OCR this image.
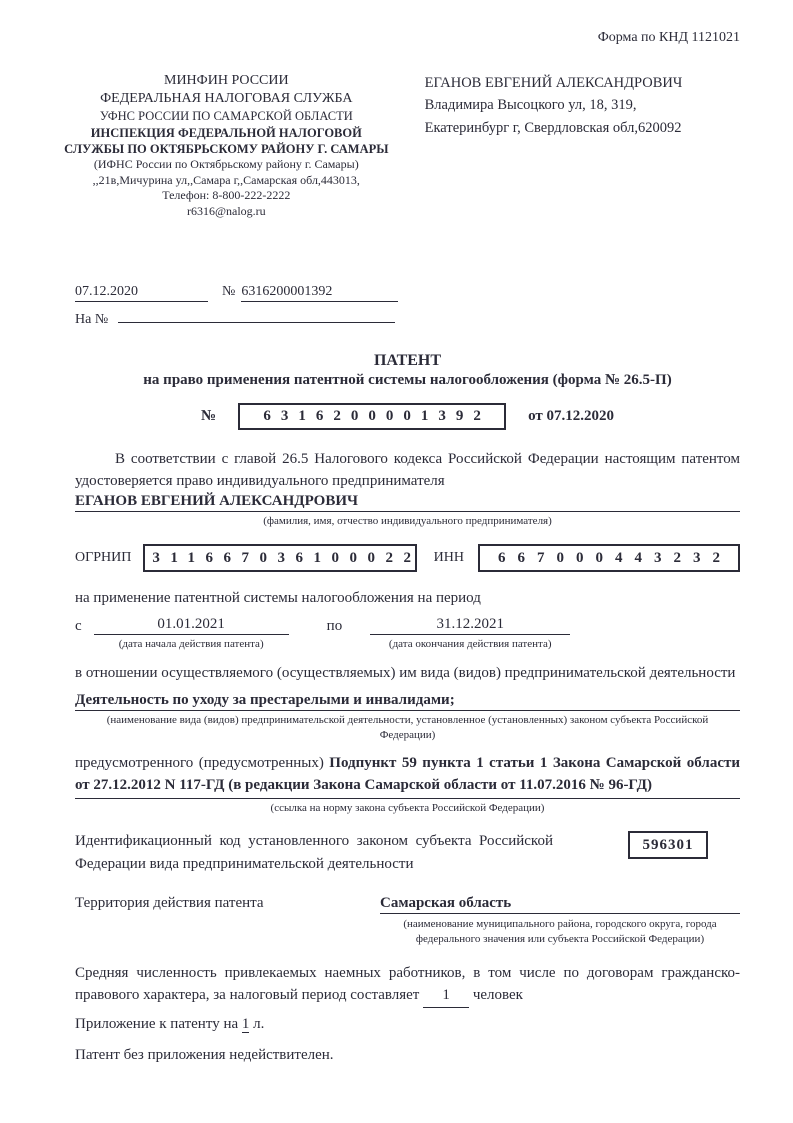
Форма по КНД 1121021
МИНФИН РОССИИ
ФЕДЕРАЛЬНАЯ НАЛОГОВАЯ СЛУЖБА
УФНС РОССИИ ПО САМАРСКОЙ ОБЛАСТИ
ИНСПЕКЦИЯ ФЕДЕРАЛЬНОЙ НАЛОГОВОЙ
СЛУЖБЫ ПО ОКТЯБРЬСКОМУ РАЙОНУ Г. САМАРЫ
(ИФНС России по Октябрьскому району г. Самары)
,,21в,Мичурина ул,,Самара г,,Самарская обл,443013,
Телефон: 8-800-222-2222
r6316@nalog.ru
ЕГАНОВ ЕВГЕНИЙ АЛЕКСАНДРОВИЧ
Владимира Высоцкого ул, 18, 319,
Екатеринбург г, Свердловская обл,620092
07.12.2020	№ 6316200001392
На №
ПАТЕНТ
на право применения патентной системы налогообложения (форма № 26.5-П)
№	6316200001392	от 07.12.2020

В соответствии с главой 26.5 Налогового кодекса Российской Федерации настоящим патентом удостоверяется право индивидуального предпринимателя

ЕГАНОВ ЕВГЕНИЙ АЛЕКСАНДРОВИЧ
(фамилия, имя, отчество индивидуального предпринимателя)
ОГРНИП	311667036100022 ИНН	667000443232

на применение патентной системы налогообложения на период

с	01.01.2021
(дата начала действия патента)
по	31.12.2021
(дата окончания действия патента)

в отношении осуществляемого (осуществляемых) им вида (видов) предпринимательской деятельности

Деятельность по уходу за престарелыми и инвалидами;
(наименование вида (видов) предпринимательской деятельности, установленное (установленных) законом субъекта Российской Федерации)

предусмотренного (предусмотренных) Подпункт 59 пункта 1 статьи 1 Закона Самарской области от 27.12.2012 N 117-ГД (в редакции Закона Самарской области от 11.07.2016 № 96-ГД)

(ссылка на норму закона субъекта Российской Федерации)

Идентификационный код установленного законом субъекта Российской Федерации вида предпринимательской деятельности

596301
Территория действия патента	Самарская область
(наименование муниципального района, городского округа, города федерального значения или субъекта Российской Федерации)

Средняя численность привлекаемых наемных работников, в том числе по договорам гражданско-правового характера, за налоговый период составляет 1 человек

Приложение к патенту на 1 л.

Патент без приложения недействителен.
